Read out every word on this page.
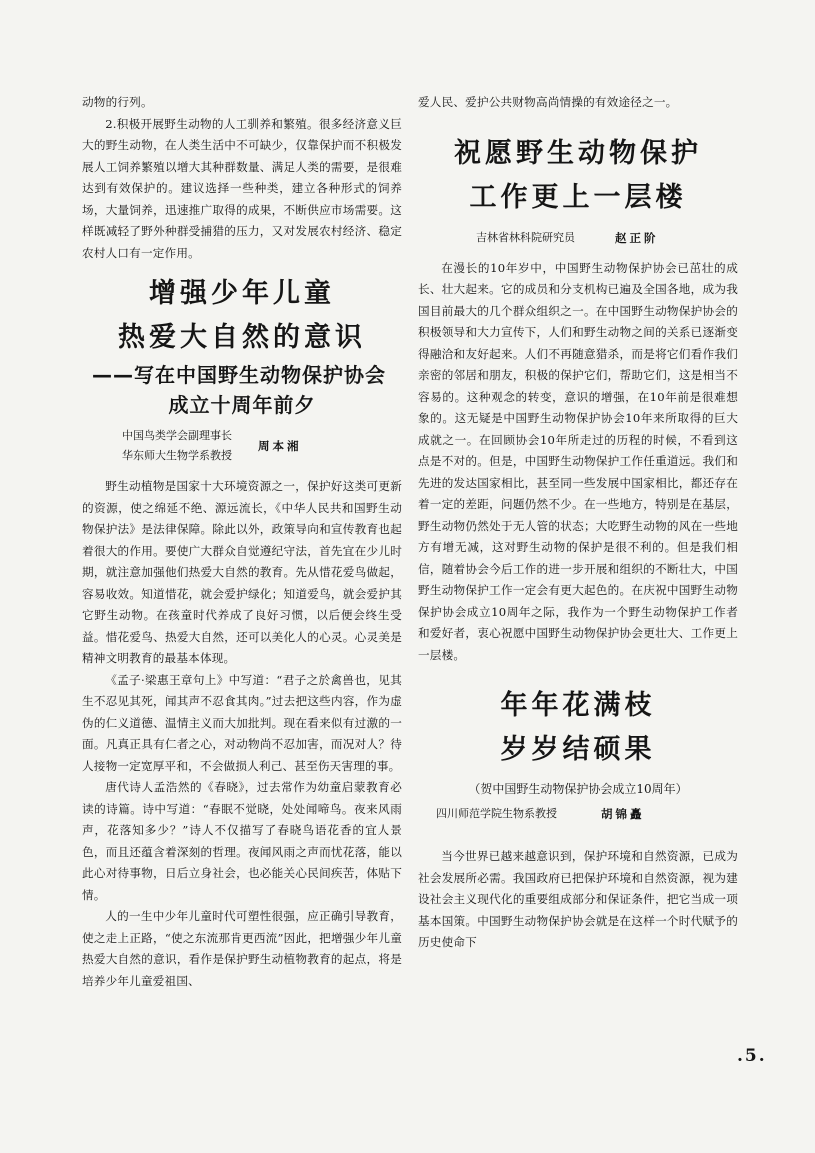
动物的行列。

2.积极开展野生动物的人工驯养和繁殖。很多经济意义巨大的野生动物，在人类生活中不可缺少，仅靠保护而不积极发展人工饲养繁殖以增大其种群数量、满足人类的需要，是很难达到有效保护的。建议选择一些种类，建立各种形式的饲养场，大量饲养，迅速推广取得的成果，不断供应市场需要。这样既减轻了野外种群受捕猎的压力，又对发展农村经济、稳定农村人口有一定作用。

增强少年儿童
热爱大自然的意识
——写在中国野生动物保护协会
成立十周年前夕
中国鸟类学会副理事长
华东师大生物学系教授
周本湘

野生动植物是国家十大环境资源之一，保护好这类可更新的资源，使之绵延不绝、源远流长，《中华人民共和国野生动物保护法》是法律保障。除此以外，政策导向和宣传教育也起着很大的作用。要使广大群众自觉遵纪守法，首先宜在少儿时期，就注意加强他们热爱大自然的教育。先从惜花爱鸟做起，容易收效。知道惜花，就会爱护绿化；知道爱鸟，就会爱护其它野生动物。在孩童时代养成了良好习惯，以后便会终生受益。惜花爱鸟、热爱大自然，还可以美化人的心灵。心灵美是精神文明教育的最基本体现。

《孟子·梁惠王章句上》中写道：“君子之於禽兽也，见其生不忍见其死，闻其声不忍食其肉。”过去把这些内容，作为虚伪的仁义道德、温情主义而大加批判。现在看来似有过激的一面。凡真正具有仁者之心，对动物尚不忍加害，而况对人？待人接物一定宽厚平和，不会做损人利己、甚至伤天害理的事。

唐代诗人孟浩然的《春晓》，过去常作为幼童启蒙教育必读的诗篇。诗中写道：“春眠不觉晓，处处闻啼鸟。夜来风雨声，花落知多少？”诗人不仅描写了春晓鸟语花香的宜人景色，而且还蕴含着深刻的哲理。夜闻风雨之声而忧花落，能以此心对待事物，日后立身社会，也必能关心民间疾苦，体贴下情。

人的一生中少年儿童时代可塑性很强，应正确引导教育，使之走上正路，“使之东流那肯更西流”因此，把增强少年儿童热爱大自然的意识，看作是保护野生动植物教育的起点，将是培养少年儿童爱祖国、

爱人民、爱护公共财物高尚情操的有效途径之一。

祝愿野生动物保护
工作更上一层楼
吉林省林科院研究员	赵正阶

在漫长的10年岁中，中国野生动物保护协会已茁壮的成长、壮大起来。它的成员和分支机构已遍及全国各地，成为我国目前最大的几个群众组织之一。在中国野生动物保护协会的积极领导和大力宣传下，人们和野生动物之间的关系已逐渐变得融洽和友好起来。人们不再随意猎杀，而是将它们看作我们亲密的邻居和朋友，积极的保护它们，帮助它们，这是相当不容易的。这种观念的转变，意识的增强，在10年前是很难想象的。这无疑是中国野生动物保护协会10年来所取得的巨大成就之一。在回顾协会10年所走过的历程的时候，不看到这点是不对的。但是，中国野生动物保护工作任重道远。我们和先进的发达国家相比，甚至同一些发展中国家相比，都还存在着一定的差距，问题仍然不少。在一些地方，特别是在基层，野生动物仍然处于无人管的状态；大吃野生动物的风在一些地方有增无减，这对野生动物的保护是很不利的。但是我们相信，随着协会今后工作的进一步开展和组织的不断壮大，中国野生动物保护工作一定会有更大起色的。在庆祝中国野生动物保护协会成立10周年之际，我作为一个野生动物保护工作者和爱好者，衷心祝愿中国野生动物保护协会更壮大、工作更上一层楼。

年年花满枝
岁岁结硕果
（贺中国野生动物保护协会成立10周年）
四川师范学院生物系教授	胡锦矗

当今世界已越来越意识到，保护环境和自然资源，已成为社会发展所必需。我国政府已把保护环境和自然资源，视为建设社会主义现代化的重要组成部分和保证条件，把它当成一项基本国策。中国野生动物保护协会就是在这样一个时代赋予的历史使命下

.5.
